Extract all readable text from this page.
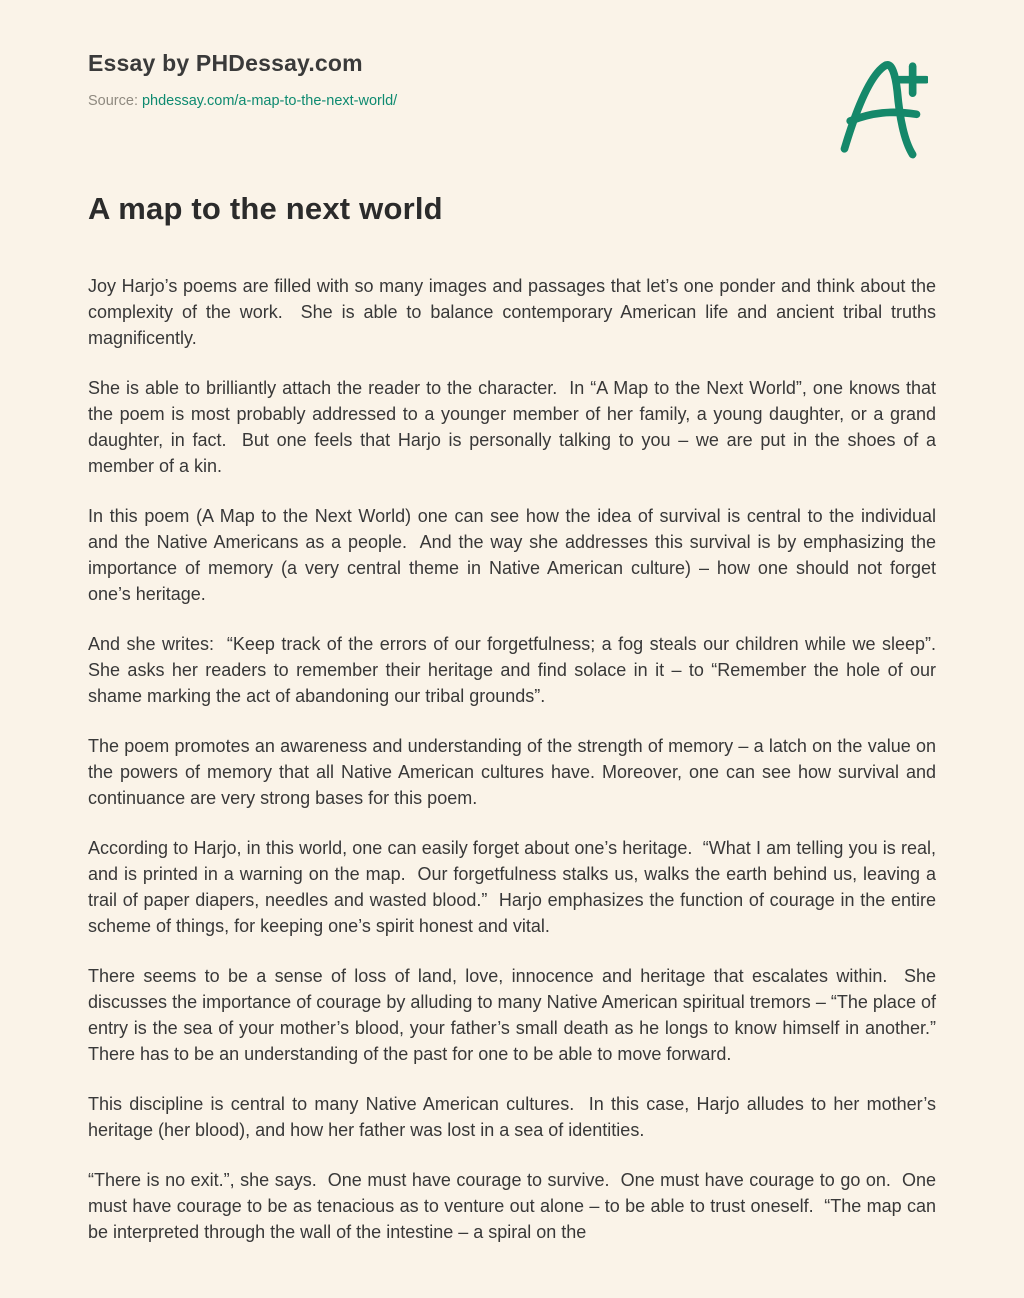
Essay by PHDessay.com
Source: phdessay.com/a-map-to-the-next-world/
A map to the next world

Joy Harjo’s poems are filled with so many images and passages that let’s one ponder and think about the complexity of the work.  She is able to balance contemporary American life and ancient tribal truths magnificently.

She is able to brilliantly attach the reader to the character.  In “A Map to the Next World”, one knows that the poem is most probably addressed to a younger member of her family, a young daughter, or a grand daughter, in fact.  But one feels that Harjo is personally talking to you – we are put in the shoes of a member of a kin.

In this poem (A Map to the Next World) one can see how the idea of survival is central to the individual and the Native Americans as a people.  And the way she addresses this survival is by emphasizing the importance of memory (a very central theme in Native American culture) – how one should not forget one’s heritage.

And she writes:  “Keep track of the errors of our forgetfulness; a fog steals our children while we sleep”.  She asks her readers to remember their heritage and find solace in it – to “Remember the hole of our shame marking the act of abandoning our tribal grounds”.

The poem promotes an awareness and understanding of the strength of memory – a latch on the value on the powers of memory that all Native American cultures have. Moreover, one can see how survival and continuance are very strong bases for this poem.

According to Harjo, in this world, one can easily forget about one’s heritage.  “What I am telling you is real, and is printed in a warning on the map.  Our forgetfulness stalks us, walks the earth behind us, leaving a trail of paper diapers, needles and wasted blood.”  Harjo emphasizes the function of courage in the entire scheme of things, for keeping one’s spirit honest and vital.

There seems to be a sense of loss of land, love, innocence and heritage that escalates within.  She discusses the importance of courage by alluding to many Native American spiritual tremors – “The place of entry is the sea of your mother’s blood, your father’s small death as he longs to know himself in another.”  There has to be an understanding of the past for one to be able to move forward.

This discipline is central to many Native American cultures.  In this case, Harjo alludes to her mother’s heritage (her blood), and how her father was lost in a sea of identities.

“There is no exit.”, she says.  One must have courage to survive.  One must have courage to go on.  One must have courage to be as tenacious as to venture out alone – to be able to trust oneself.  “The map can be interpreted through the wall of the intestine – a spiral on the
